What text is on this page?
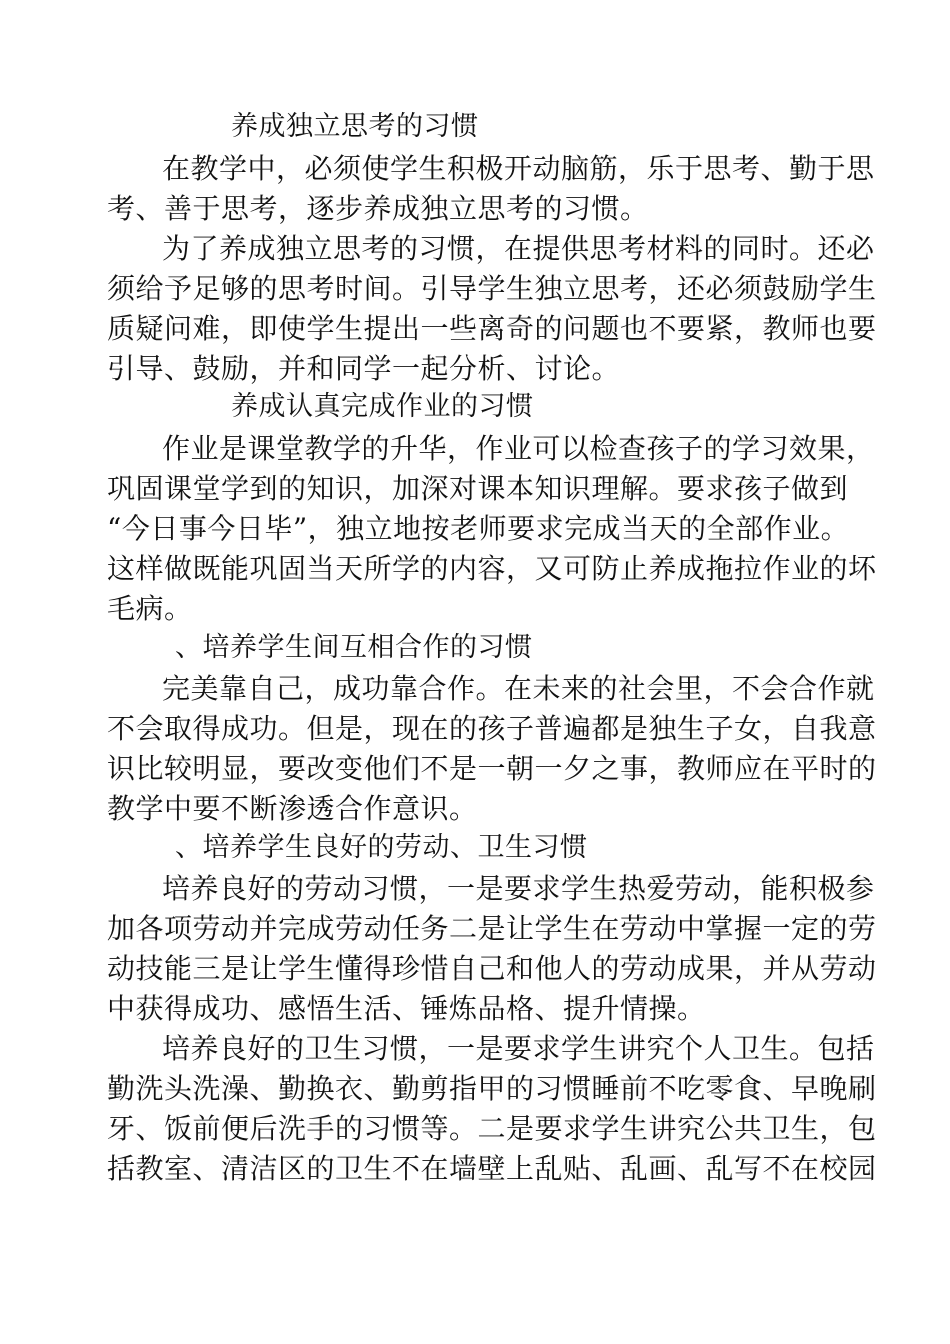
养成独立思考的习惯

在教学中，必须使学生积极开动脑筋，乐于思考、勤于思

考、善于思考，逐步养成独立思考的习惯。

为了养成独立思考的习惯，在提供思考材料的同时。还必

须给予足够的思考时间。引导学生独立思考，还必须鼓励学生

质疑问难，即使学生提出一些离奇的问题也不要紧，教师也要

引导、鼓励，并和同学一起分析、讨论。

养成认真完成作业的习惯

作业是课堂教学的升华，作业可以检查孩子的学习效果，

巩固课堂学到的知识，加深对课本知识理解。要求孩子做到

“今日事今日毕”，独立地按老师要求完成当天的全部作业。

这样做既能巩固当天所学的内容，又可防止养成拖拉作业的坏

毛病。

、培养学生间互相合作的习惯

完美靠自己，成功靠合作。在未来的社会里，不会合作就

不会取得成功。但是，现在的孩子普遍都是独生子女，自我意

识比较明显，要改变他们不是一朝一夕之事，教师应在平时的

教学中要不断渗透合作意识。

、培养学生良好的劳动、卫生习惯

培养良好的劳动习惯，一是要求学生热爱劳动，能积极参

加各项劳动并完成劳动任务二是让学生在劳动中掌握一定的劳

动技能三是让学生懂得珍惜自己和他人的劳动成果，并从劳动

中获得成功、感悟生活、锤炼品格、提升情操。

培养良好的卫生习惯，一是要求学生讲究个人卫生。包括

勤洗头洗澡、勤换衣、勤剪指甲的习惯睡前不吃零食、早晚刷

牙、饭前便后洗手的习惯等。二是要求学生讲究公共卫生，包

括教室、清洁区的卫生不在墙壁上乱贴、乱画、乱写不在校园
